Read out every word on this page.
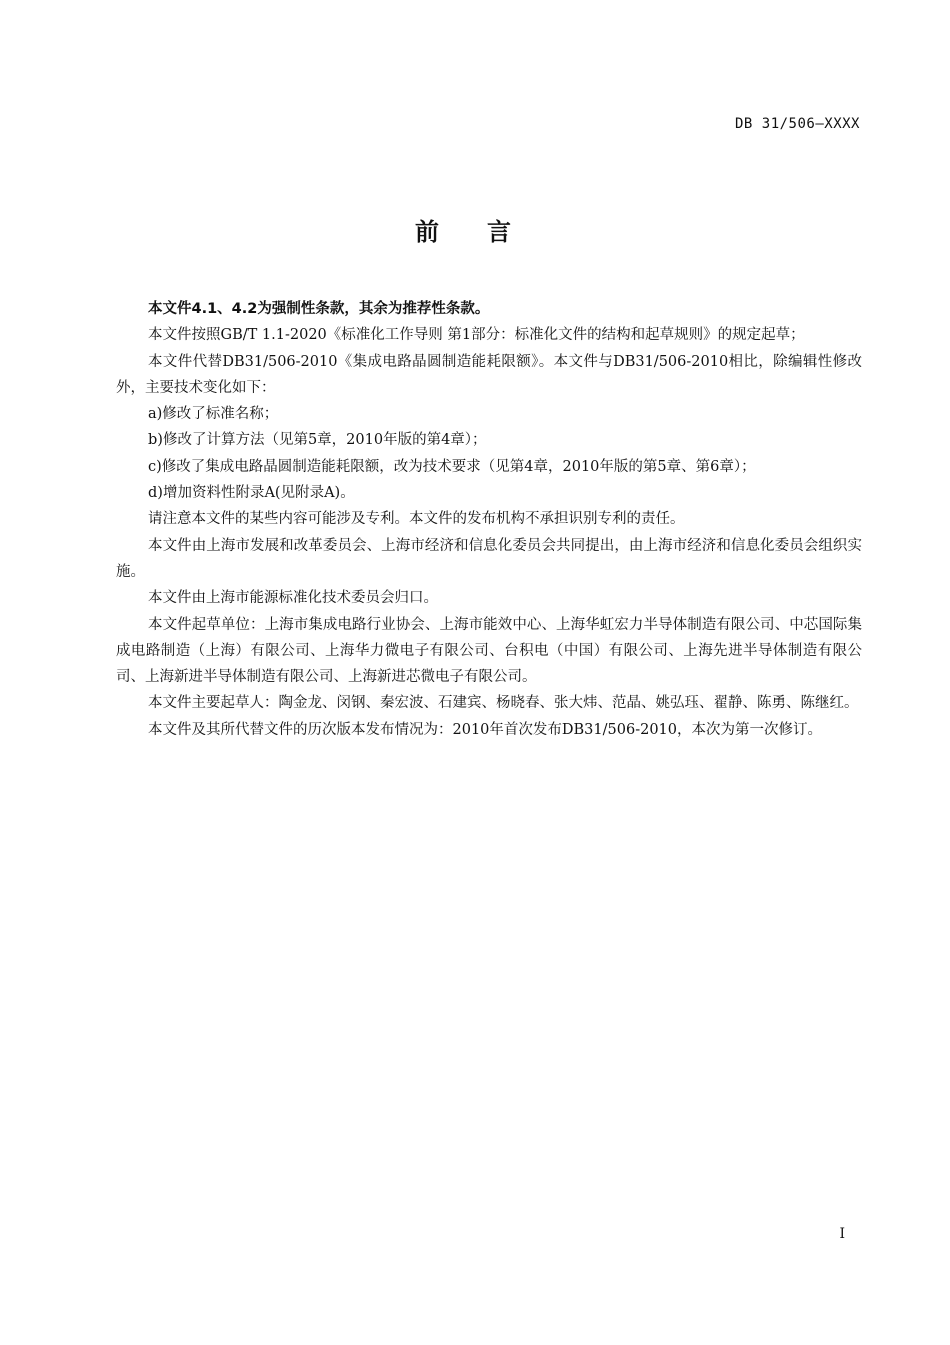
DB 31/506—XXXX
前言

本文件4.1、4.2为强制性条款，其余为推荐性条款。

本文件按照GB/T 1.1-2020《标准化工作导则 第1部分：标准化文件的结构和起草规则》的规定起草；

本文件代替DB31/506-2010《集成电路晶圆制造能耗限额》。本文件与DB31/506-2010相比，除编辑性修改外，主要技术变化如下：

a)修改了标准名称；

b)修改了计算方法（见第5章，2010年版的第4章）；

c)修改了集成电路晶圆制造能耗限额，改为技术要求（见第4章，2010年版的第5章、第6章）；

d)增加资料性附录A(见附录A)。

请注意本文件的某些内容可能涉及专利。本文件的发布机构不承担识别专利的责任。

本文件由上海市发展和改革委员会、上海市经济和信息化委员会共同提出，由上海市经济和信息化委员会组织实施。

本文件由上海市能源标准化技术委员会归口。

本文件起草单位：上海市集成电路行业协会、上海市能效中心、上海华虹宏力半导体制造有限公司、中芯国际集成电路制造（上海）有限公司、上海华力微电子有限公司、台积电（中国）有限公司、上海先进半导体制造有限公司、上海新进半导体制造有限公司、上海新进芯微电子有限公司。

本文件主要起草人：陶金龙、闵钢、秦宏波、石建宾、杨晓春、张大炜、范晶、姚弘珏、翟静、陈勇、陈继红。

本文件及其所代替文件的历次版本发布情况为：2010年首次发布DB31/506-2010，本次为第一次修订。

I
